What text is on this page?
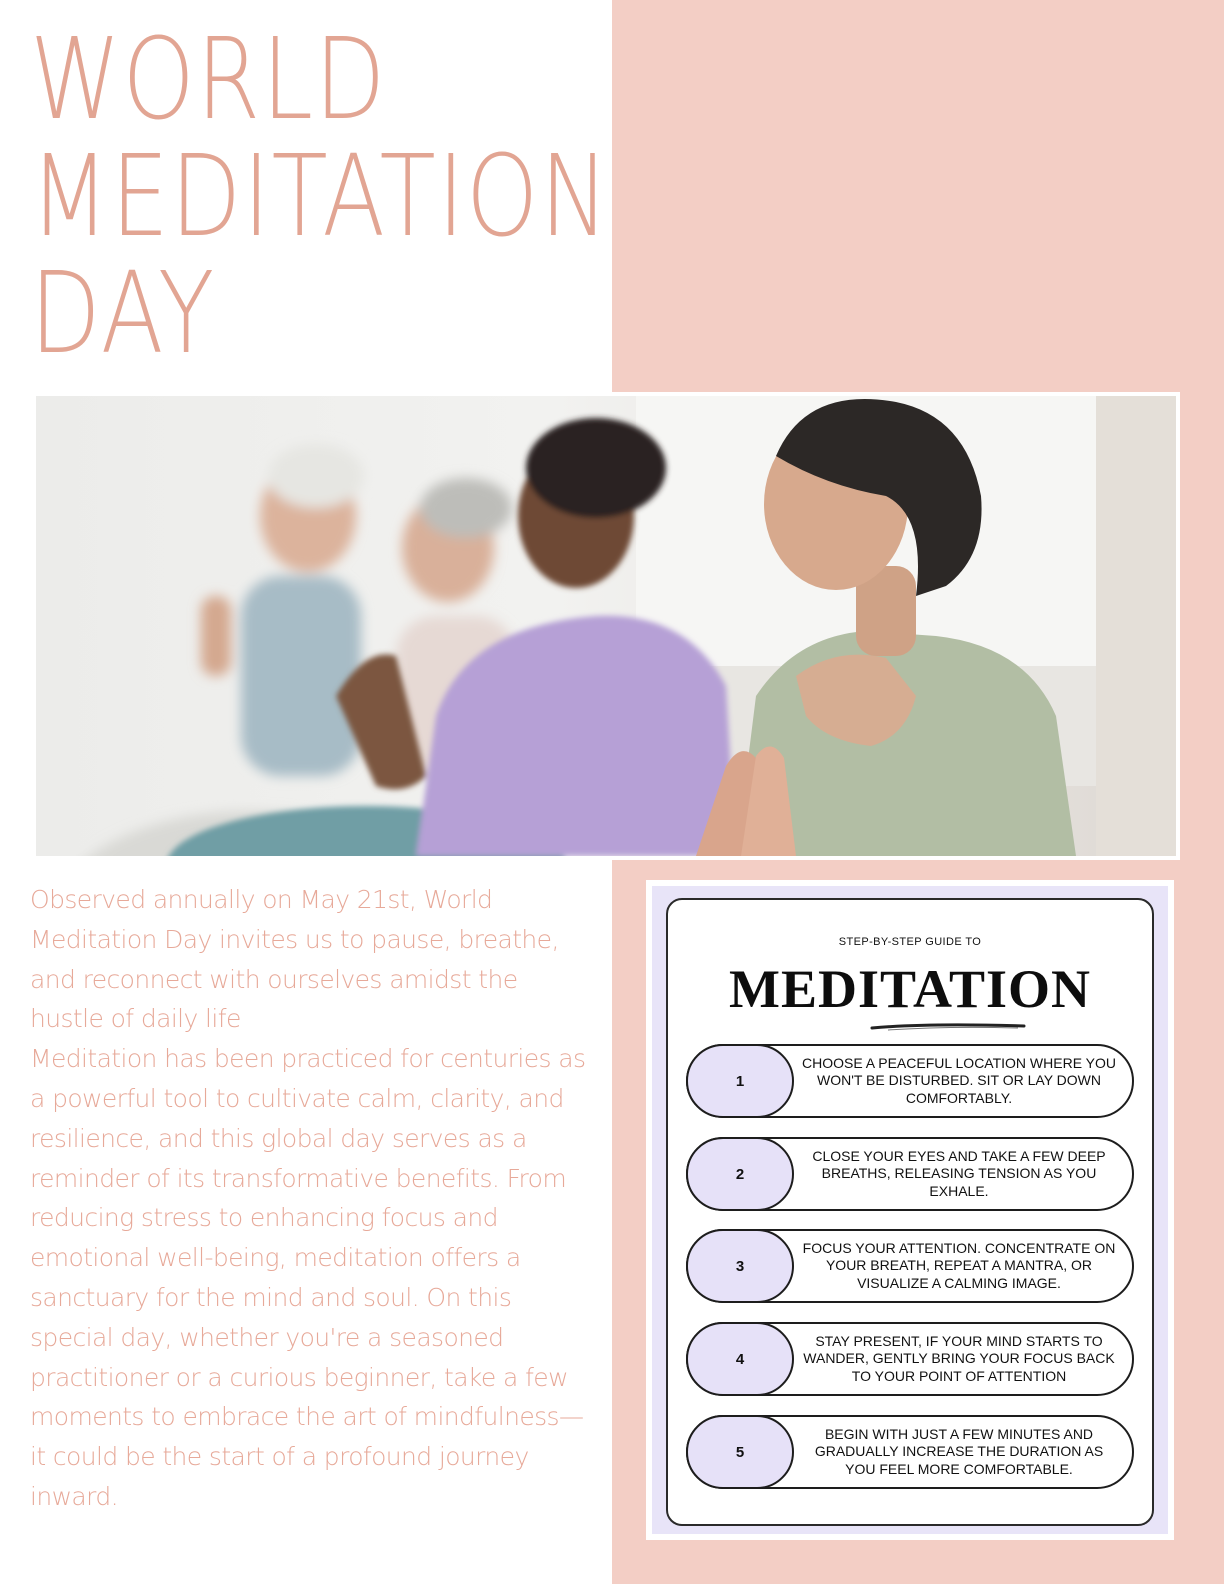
WORLD
MEDITATION
DAY

Observed annually on May 21st, World Meditation Day invites us to pause, breathe, and reconnect with ourselves amidst the hustle of daily life
Meditation has been practiced for centuries as a powerful tool to cultivate calm, clarity, and resilience, and this global day serves as a reminder of its transformative benefits. From reducing stress to enhancing focus and emotional well-being, meditation offers a sanctuary for the mind and soul. On this special day, whether you're a seasoned practitioner or a curious beginner, take a few moments to embrace the art of mindfulness—it could be the start of a profound journey inward.

STEP-BY-STEP GUIDE TO

MEDITATION
1
CHOOSE A PEACEFUL LOCATION WHERE YOU WON'T BE DISTURBED. SIT OR LAY DOWN COMFORTABLY.
2
CLOSE YOUR EYES AND TAKE A FEW DEEP BREATHS, RELEASING TENSION AS YOU EXHALE.
3
FOCUS YOUR ATTENTION. CONCENTRATE ON YOUR BREATH, REPEAT A MANTRA, OR VISUALIZE A CALMING IMAGE.
4
STAY PRESENT, IF YOUR MIND STARTS TO WANDER, GENTLY BRING YOUR FOCUS BACK TO YOUR POINT OF ATTENTION
5
BEGIN WITH JUST A FEW MINUTES AND GRADUALLY INCREASE THE DURATION AS YOU FEEL MORE COMFORTABLE.
